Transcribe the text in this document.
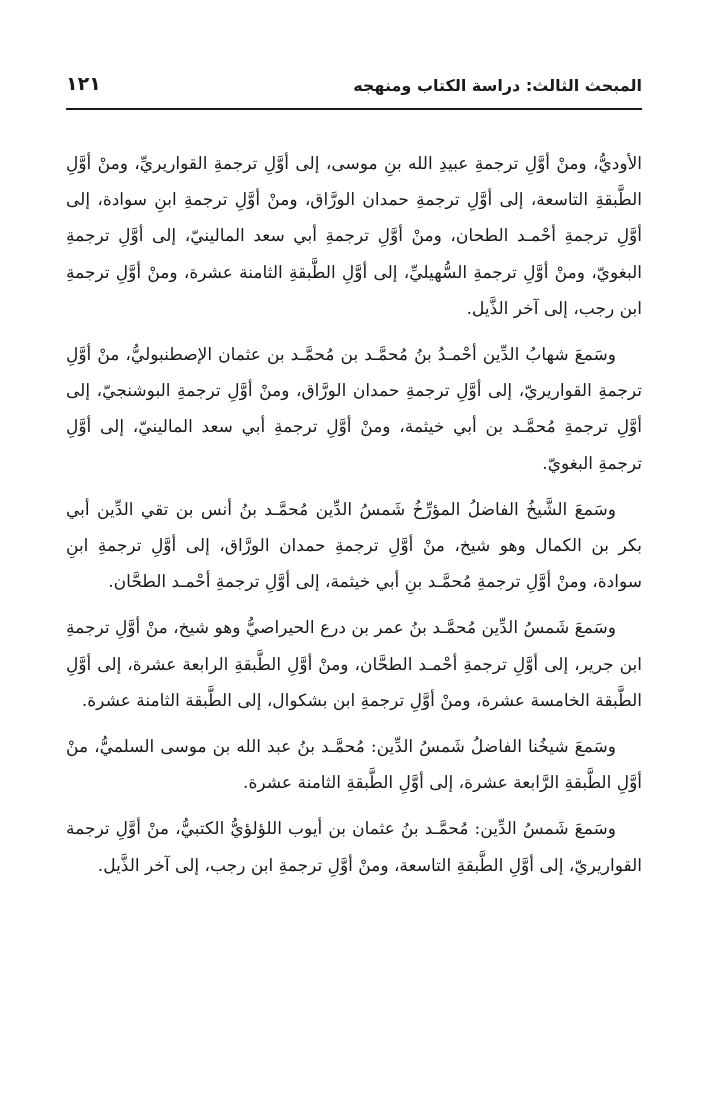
المبحث الثالث: دراسة الكتاب ومنهجه
١٢١

الأوديُّ، ومنْ أوَّلِ ترجمةِ عبيدِ الله بنِ موسى، إلى أوَّلِ ترجمةِ القواريريِّ، ومنْ أوَّلِ الطَّبقةِ التاسعة، إلى أوَّلِ ترجمةِ حمدان الورَّاق، ومنْ أوَّلِ ترجمةِ ابنِ سوادة، إلى أوَّلِ ترجمةِ أحْمـد الطحان، ومنْ أوَّلِ ترجمةِ أبي سعد المالينيّ، إلى أوَّلِ ترجمةِ البغويّ، ومنْ أوَّلِ ترجمةِ السُّهيليِّ، إلى أوَّلِ الطَّبقةِ الثامنة عشرة، ومنْ أوَّلِ ترجمةِ ابن رجب، إلى آخر الذَّيل.

وسَمعَ شهابُ الدِّين أحْمـدُ بنُ مُحمَّـد بن مُحمَّـد بن عثمان الإصطنبوليُّ، منْ أوَّلِ ترجمةِ القواريريّ، إلى أوَّلِ ترجمةِ حمدان الورَّاق، ومنْ أوَّلِ ترجمةِ البوشنجيّ، إلى أوَّلِ ترجمةِ مُحمَّـد بن أبي خيثمة، ومنْ أوَّلِ ترجمةِ أبي سعد المالينيّ، إلى أوَّلِ ترجمةِ البغويّ.

وسَمعَ الشَّيخُ الفاضلُ المؤرِّخُ شَمسُ الدِّين مُحمَّـد بنُ أنس بن تقي الدِّين أبي بكر بن الكمال وهو شيخ، منْ أوَّلِ ترجمةِ حمدان الورَّاق، إلى أوَّلِ ترجمةِ ابنِ سوادة، ومنْ أوَّلِ ترجمةِ مُحمَّـد بنِ أبي خيثمة، إلى أوَّلِ ترجمةِ أحْمـد الطحَّان.

وسَمعَ شَمسُ الدِّين مُحمَّـد بنُ عمر بن درع الحيراصيُّ وهو شيخ، منْ أوَّلِ ترجمةِ ابن جرير، إلى أوَّلِ ترجمةِ أحْمـد الطحَّان، ومنْ أوَّلِ الطَّبقةِ الرابعة عشرة، إلى أوَّلِ الطَّبقة الخامسة عشرة، ومنْ أوَّلِ ترجمةِ ابن بشكوال، إلى الطَّبقة الثامنة عشرة.

وسَمعَ شيخُنا الفاضلُ شَمسُ الدِّين: مُحمَّـد بنُ عبد الله بن موسى السلميُّ، منْ أوَّلِ الطَّبقةِ الرَّابعة عشرة، إلى أوَّلِ الطَّبقةِ الثامنة عشرة.

وسَمعَ شَمسُ الدِّين: مُحمَّـد بنُ عثمان بن أيوب اللؤلؤيُّ الكتبيُّ، منْ أوَّلِ ترجمة القواريريّ، إلى أوَّلِ الطَّبقةِ التاسعة، ومنْ أوَّلِ ترجمةِ ابن رجب، إلى آخر الذَّيل.
